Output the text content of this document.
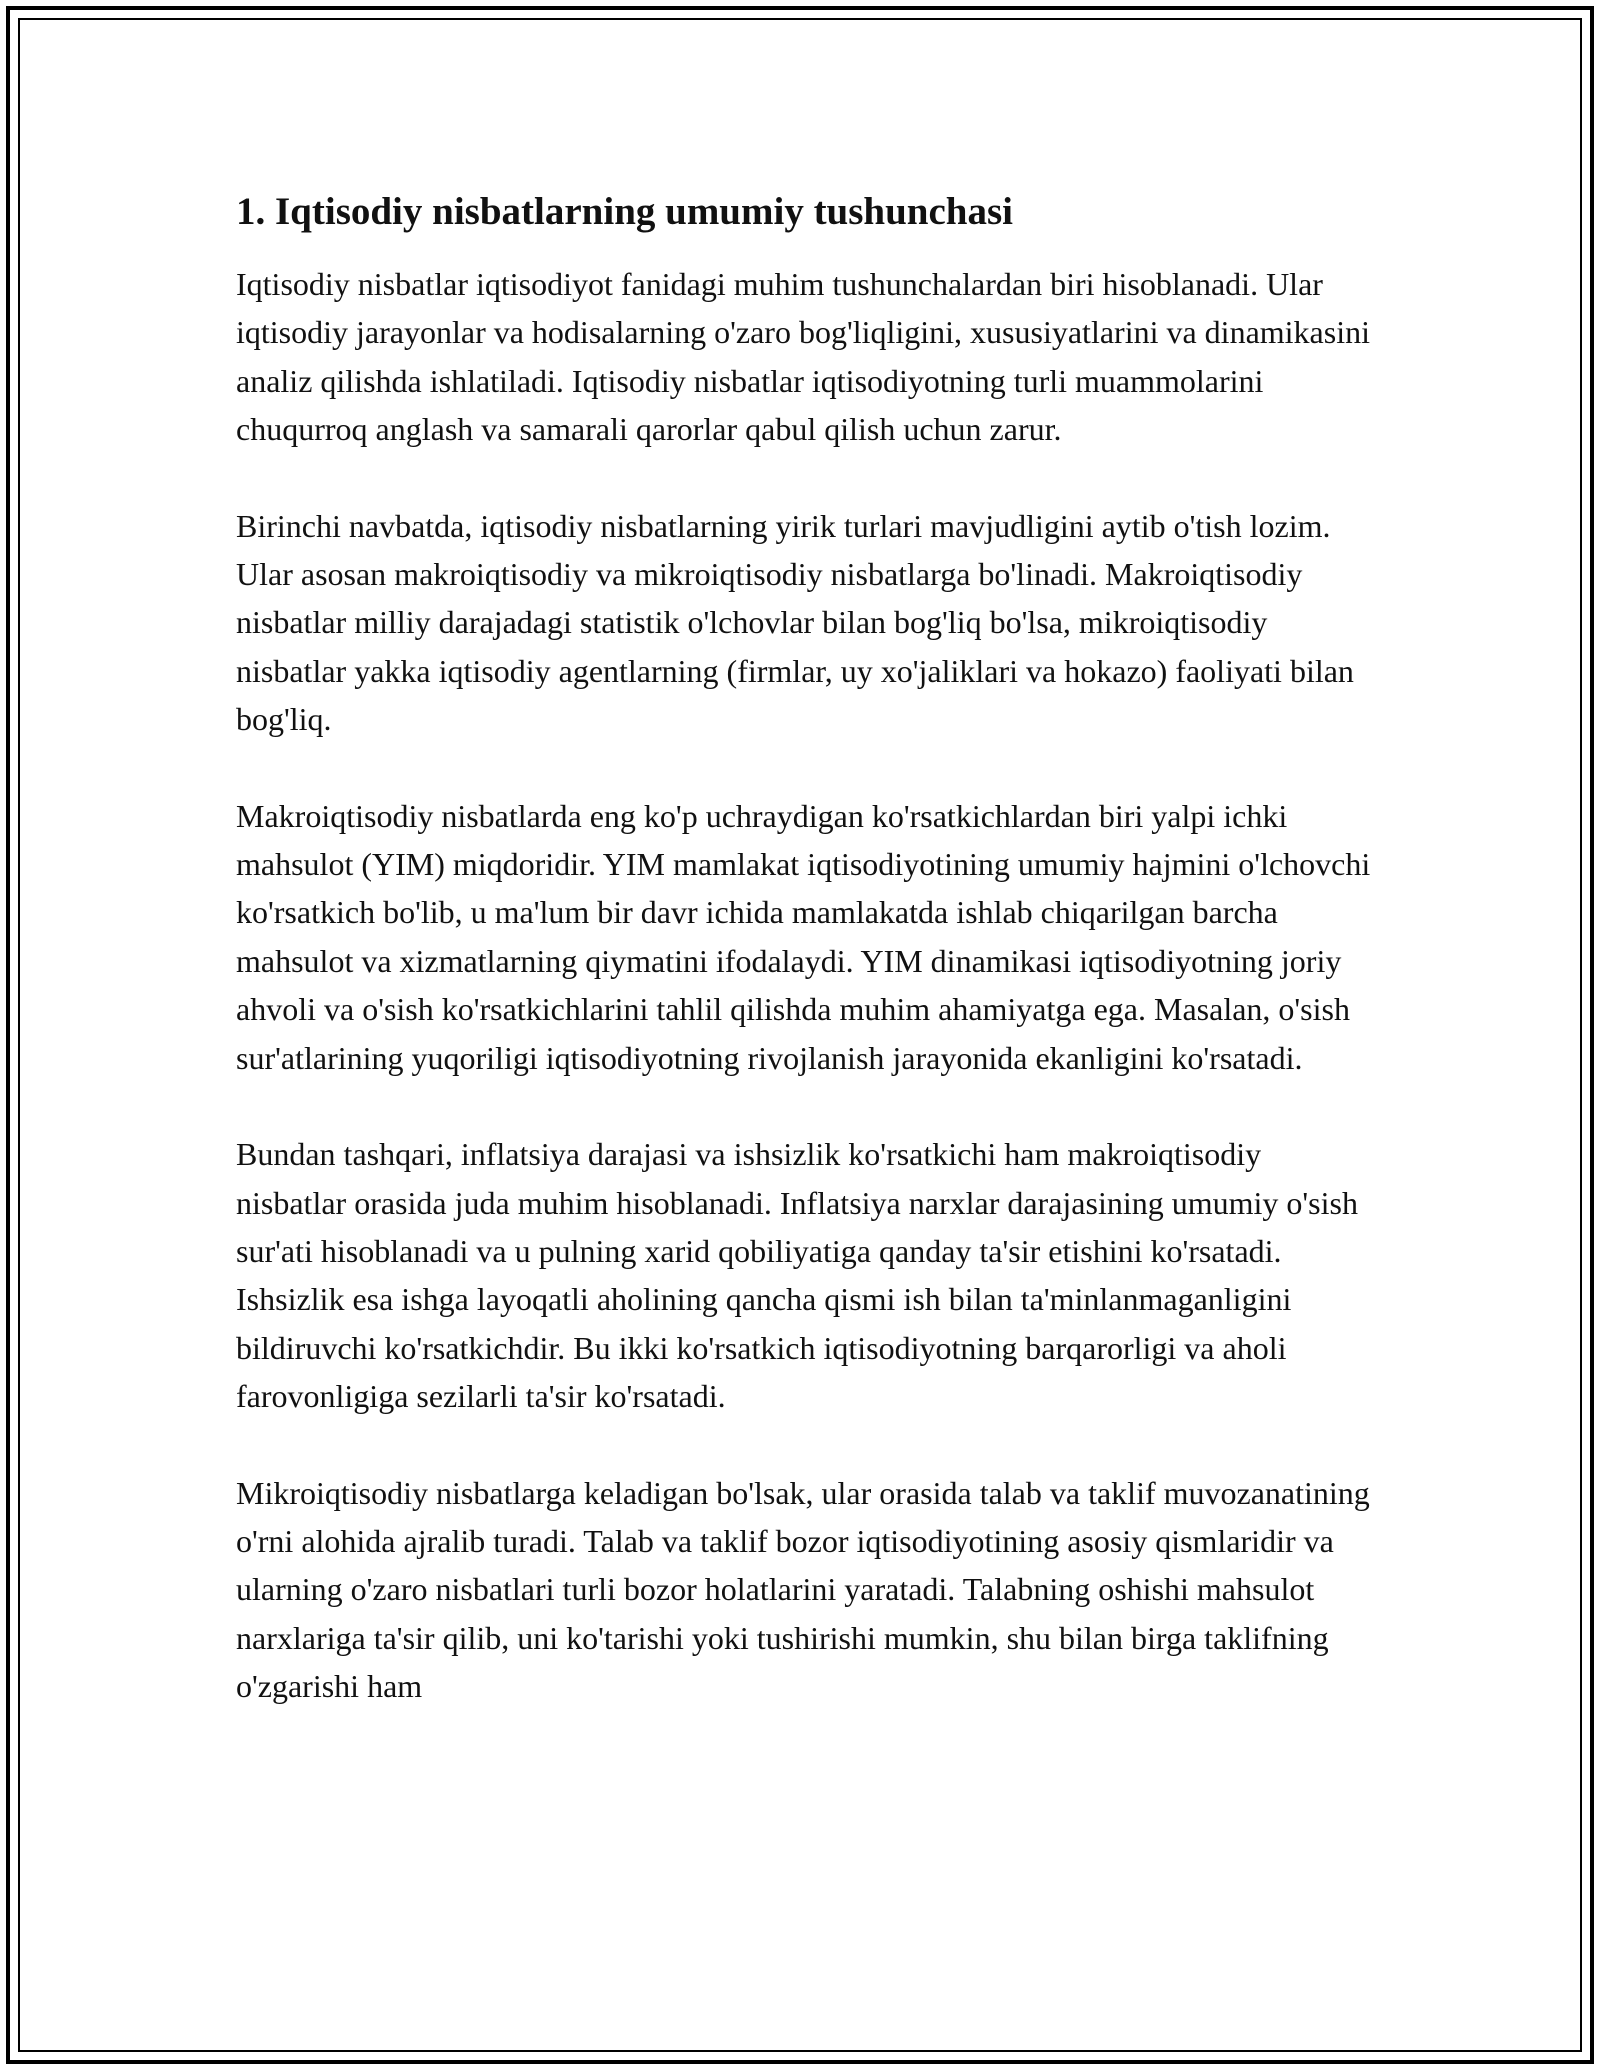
1. Iqtisodiy nisbatlarning umumiy tushunchasi

Iqtisodiy nisbatlar iqtisodiyot fanidagi muhim tushunchalardan biri hisoblanadi. Ular iqtisodiy jarayonlar va hodisalarning o'zaro bog'liqligini, xususiyatlarini va dinamikasini analiz qilishda ishlatiladi. Iqtisodiy nisbatlar iqtisodiyotning turli muammolarini chuqurroq anglash va samarali qarorlar qabul qilish uchun zarur.

Birinchi navbatda, iqtisodiy nisbatlarning yirik turlari mavjudligini aytib o'tish lozim. Ular asosan makroiqtisodiy va mikroiqtisodiy nisbatlarga bo'linadi. Makroiqtisodiy nisbatlar milliy darajadagi statistik o'lchovlar bilan bog'liq bo'lsa, mikroiqtisodiy nisbatlar yakka iqtisodiy agentlarning (firmlar, uy xo'jaliklari va hokazo) faoliyati bilan bog'liq.

Makroiqtisodiy nisbatlarda eng ko'p uchraydigan ko'rsatkichlardan biri yalpi ichki mahsulot (YIM) miqdoridir. YIM mamlakat iqtisodiyotining umumiy hajmini o'lchovchi ko'rsatkich bo'lib, u ma'lum bir davr ichida mamlakatda ishlab chiqarilgan barcha mahsulot va xizmatlarning qiymatini ifodalaydi. YIM dinamikasi iqtisodiyotning joriy ahvoli va o'sish ko'rsatkichlarini tahlil qilishda muhim ahamiyatga ega. Masalan, o'sish sur'atlarining yuqoriligi iqtisodiyotning rivojlanish jarayonida ekanligini ko'rsatadi.

Bundan tashqari, inflatsiya darajasi va ishsizlik ko'rsatkichi ham makroiqtisodiy nisbatlar orasida juda muhim hisoblanadi. Inflatsiya narxlar darajasining umumiy o'sish sur'ati hisoblanadi va u pulning xarid qobiliyatiga qanday ta'sir etishini ko'rsatadi. Ishsizlik esa ishga layoqatli aholining qancha qismi ish bilan ta'minlanmaganligini bildiruvchi ko'rsatkichdir. Bu ikki ko'rsatkich iqtisodiyotning barqarorligi va aholi farovonligiga sezilarli ta'sir ko'rsatadi.

Mikroiqtisodiy nisbatlarga keladigan bo'lsak, ular orasida talab va taklif muvozanatining o'rni alohida ajralib turadi. Talab va taklif bozor iqtisodiyotining asosiy qismlaridir va ularning o'zaro nisbatlari turli bozor holatlarini yaratadi. Talabning oshishi mahsulot narxlariga ta'sir qilib, uni ko'tarishi yoki tushirishi mumkin, shu bilan birga taklifning o'zgarishi ham
